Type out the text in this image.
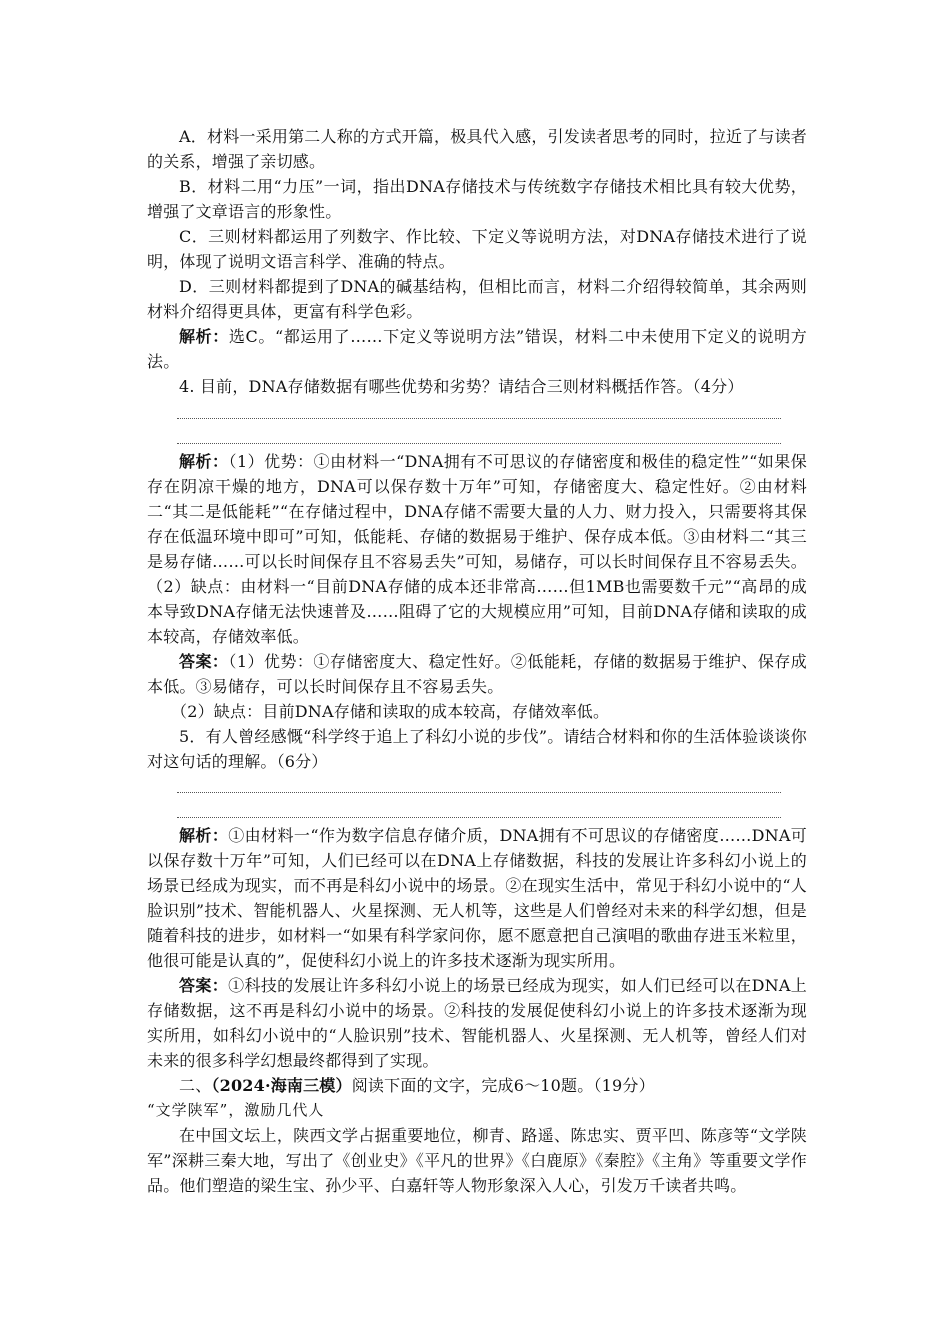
A．材料一采用第二人称的方式开篇，极具代入感，引发读者思考的同时，拉近了与读者的关系，增强了亲切感。

B．材料二用“力压”一词，指出DNA存储技术与传统数字存储技术相比具有较大优势，增强了文章语言的形象性。

C．三则材料都运用了列数字、作比较、下定义等说明方法，对DNA存储技术进行了说明，体现了说明文语言科学、准确的特点。

D．三则材料都提到了DNA的碱基结构，但相比而言，材料二介绍得较简单，其余两则材料介绍得更具体，更富有科学色彩。

解析：选C。“都运用了……下定义等说明方法”错误，材料二中未使用下定义的说明方法。

4. 目前，DNA存储数据有哪些优势和劣势？请结合三则材料概括作答。（4分）

解析：（1）优势：①由材料一“DNA拥有不可思议的存储密度和极佳的稳定性”“如果保存在阴凉干燥的地方，DNA可以保存数十万年”可知，存储密度大、稳定性好。②由材料二“其二是低能耗”“在存储过程中，DNA存储不需要大量的人力、财力投入，只需要将其保存在低温环境中即可”可知，低能耗、存储的数据易于维护、保存成本低。③由材料二“其三是易存储……可以长时间保存且不容易丢失”可知，易储存，可以长时间保存且不容易丢失。（2）缺点：由材料一“目前DNA存储的成本还非常高……但1MB也需要数千元”“高昂的成本导致DNA存储无法快速普及……阻碍了它的大规模应用”可知，目前DNA存储和读取的成本较高，存储效率低。

答案：（1）优势：①存储密度大、稳定性好。②低能耗，存储的数据易于维护、保存成本低。③易储存，可以长时间保存且不容易丢失。

（2）缺点：目前DNA存储和读取的成本较高，存储效率低。

5．有人曾经感慨“科学终于追上了科幻小说的步伐”。请结合材料和你的生活体验谈谈你对这句话的理解。（6分）

解析：①由材料一“作为数字信息存储介质，DNA拥有不可思议的存储密度……DNA可以保存数十万年”可知，人们已经可以在DNA上存储数据，科技的发展让许多科幻小说上的场景已经成为现实，而不再是科幻小说中的场景。②在现实生活中，常见于科幻小说中的“人脸识别”技术、智能机器人、火星探测、无人机等，这些是人们曾经对未来的科学幻想，但是随着科技的进步，如材料一“如果有科学家问你，愿不愿意把自己演唱的歌曲存进玉米粒里，他很可能是认真的”，促使科幻小说上的许多技术逐渐为现实所用。

答案：①科技的发展让许多科幻小说上的场景已经成为现实，如人们已经可以在DNA上存储数据，这不再是科幻小说中的场景。②科技的发展促使科幻小说上的许多技术逐渐为现实所用，如科幻小说中的“人脸识别”技术、智能机器人、火星探测、无人机等，曾经人们对未来的很多科学幻想最终都得到了实现。

二、（2024·海南三模）阅读下面的文字，完成6～10题。（19分）

“文学陕军”，激励几代人

在中国文坛上，陕西文学占据重要地位，柳青、路遥、陈忠实、贾平凹、陈彦等“文学陕军”深耕三秦大地，写出了《创业史》《平凡的世界》《白鹿原》《秦腔》《主角》等重要文学作品。他们塑造的梁生宝、孙少平、白嘉轩等人物形象深入人心，引发万千读者共鸣。
